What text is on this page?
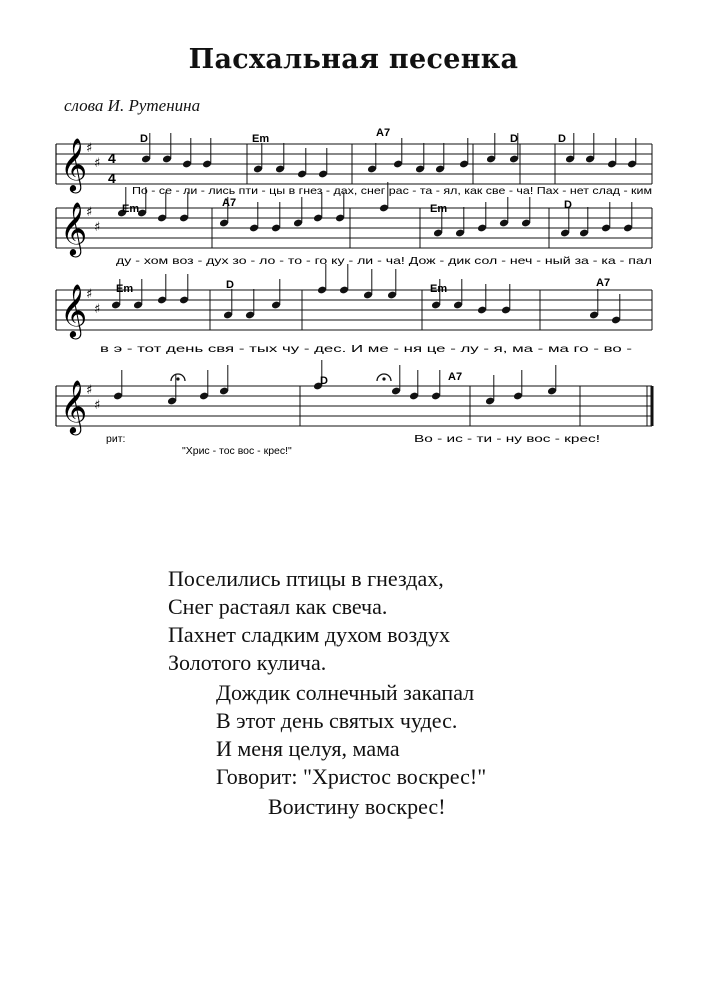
Пасхальная песенка
слова И. Рутенина
𝄞
♯
♯ 4
4
𝄞
♯
♯
𝄞
♯
♯
𝄞
♯
♯
D	Em	A7	D	D
По - се - ли - лись пти - цы в гнез - дах, снег рас - та - ял, как све - ча! Пах - нет слад - ким
Em	A7	Em	D
ду - хом воз - дух зо - ло - то - го ку - ли - ча! Дож - дик сол - неч - ный за - ка - пал
Em	D	Em	A7
в э - тот день свя - тых чу - дес. И ме - ня це - лу - я, ма - ма го - во -
D	A7
рит:
"Хрис - тос вос - крес!"
Во - ис - ти - ну вос - крес!
Поселились птицы в гнездах,
Снег растаял как свеча.
Пахнет сладким духом воздух
Золотого кулича.
Дождик солнечный закапал
В этот день святых чудес.
И меня целуя, мама
Говорит: "Христос воскрес!"
Воистину воскрес!
